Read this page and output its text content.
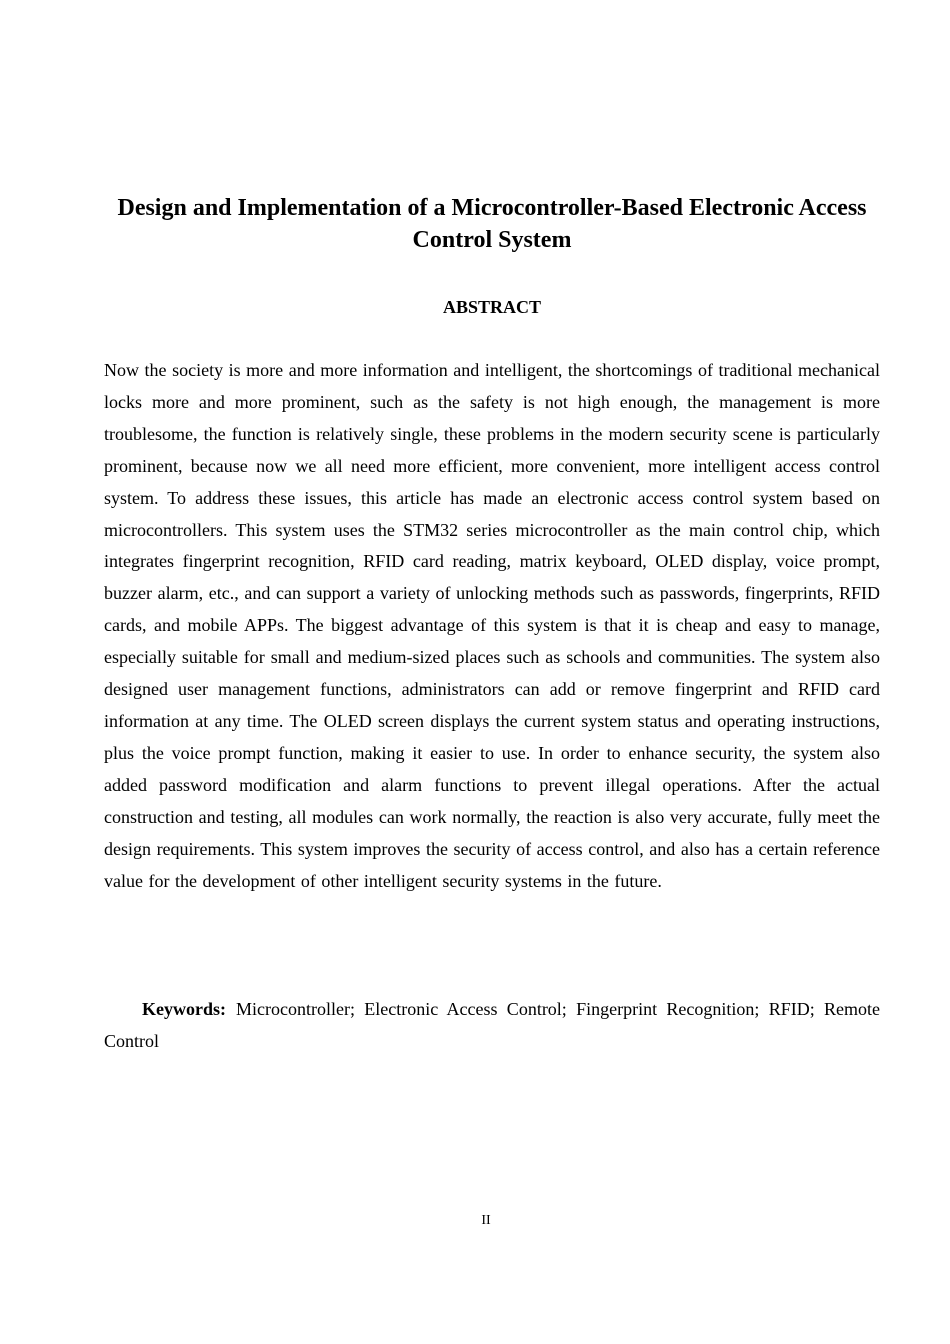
Design and Implementation of a Microcontroller-Based Electronic Access Control System
ABSTRACT

Now the society is more and more information and intelligent, the shortcomings of traditional mechanical locks more and more prominent, such as the safety is not high enough, the management is more troublesome, the function is relatively single, these problems in the modern security scene is particularly prominent, because now we all need more efficient, more convenient, more intelligent access control system. To address these issues, this article has made an electronic access control system based on microcontrollers. This system uses the STM32 series microcontroller as the main control chip, which integrates fingerprint recognition, RFID card reading, matrix keyboard, OLED display, voice prompt, buzzer alarm, etc., and can support a variety of unlocking methods such as passwords, fingerprints, RFID cards, and mobile APPs. The biggest advantage of this system is that it is cheap and easy to manage, especially suitable for small and medium-sized places such as schools and communities. The system also designed user management functions, administrators can add or remove fingerprint and RFID card information at any time. The OLED screen displays the current system status and operating instructions, plus the voice prompt function, making it easier to use. In order to enhance security, the system also added password modification and alarm functions to prevent illegal operations. After the actual construction and testing, all modules can work normally, the reaction is also very accurate, fully meet the design requirements. This system improves the security of access control, and also has a certain reference value for the development of other intelligent security systems in the future.

Keywords: Microcontroller; Electronic Access Control; Fingerprint Recognition; RFID; Remote Control

II
